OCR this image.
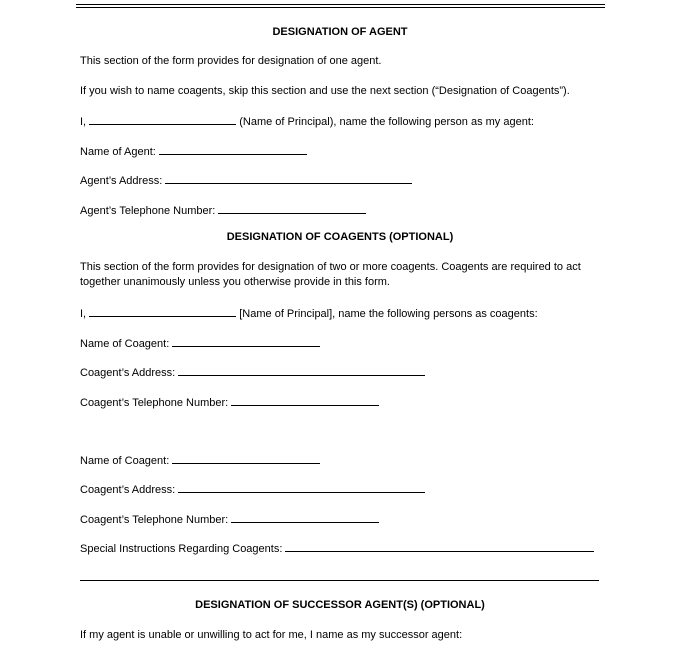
DESIGNATION OF AGENT
This section of the form provides for designation of one agent.
If you wish to name coagents, skip this section and use the next section (“Designation of Coagents”).
I,	(Name of Principal), name the following person as my agent:
Name of Agent:
Agent’s Address:
Agent’s Telephone Number:
DESIGNATION OF COAGENTS (OPTIONAL)
This section of the form provides for designation of two or more coagents. Coagents are required to act
together unanimously unless you otherwise provide in this form.
I,	[Name of Principal], name the following persons as coagents:
Name of Coagent:
Coagent’s Address:
Coagent’s Telephone Number:
Name of Coagent:
Coagent’s Address:
Coagent’s Telephone Number:
Special Instructions Regarding Coagents:
DESIGNATION OF SUCCESSOR AGENT(S) (OPTIONAL)
If my agent is unable or unwilling to act for me, I name as my successor agent:
